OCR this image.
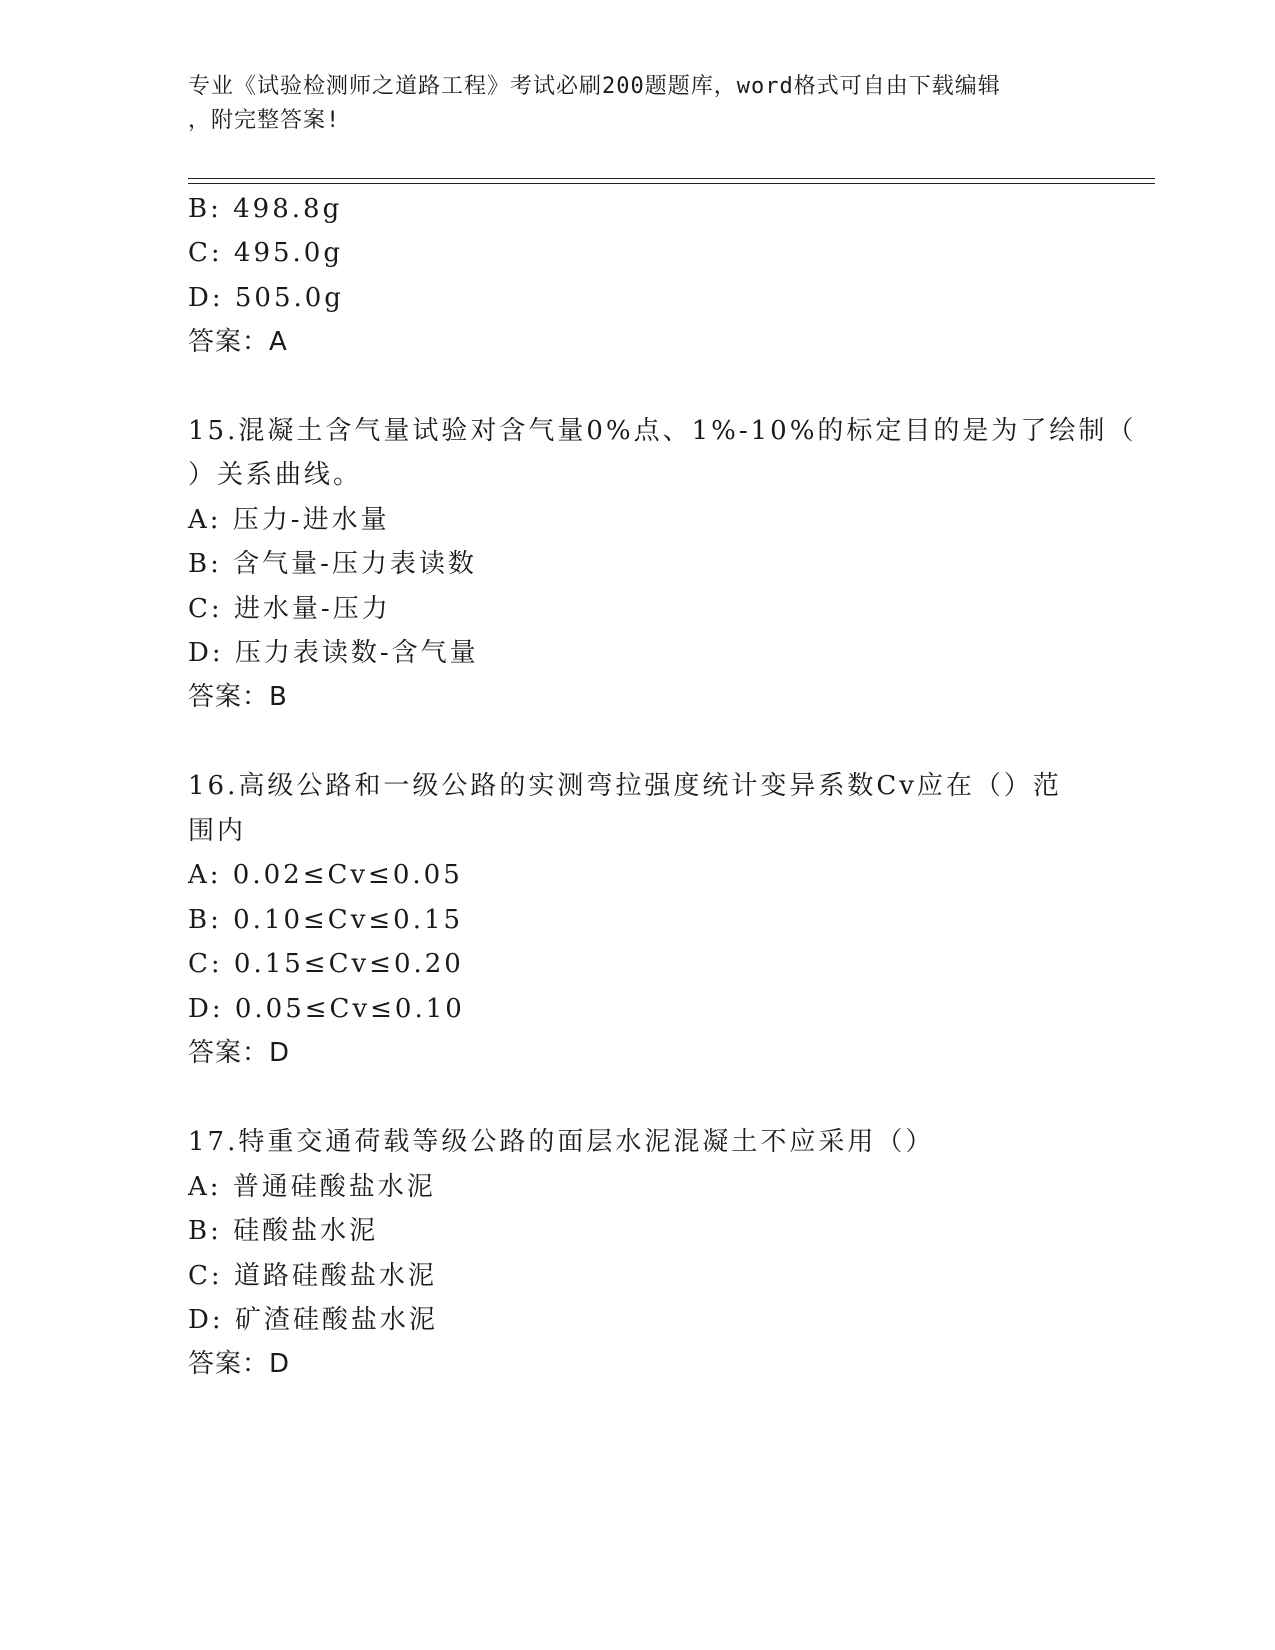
专业《试验检测师之道路工程》考试必刷200题题库，word格式可自由下载编辑
，附完整答案!
B: 498.8g
C: 495.0g
D: 505.0g
答案：A
15.混凝土含气量试验对含气量0%点、1%-10%的标定目的是为了绘制（
）关系曲线。
A: 压力-进水量
B: 含气量-压力表读数
C: 进水量-压力
D: 压力表读数-含气量
答案：B
16.高级公路和一级公路的实测弯拉强度统计变异系数Cv应在（）范
围内
A: 0.02≤Cv≤0.05
B: 0.10≤Cv≤0.15
C: 0.15≤Cv≤0.20
D: 0.05≤Cv≤0.10
答案：D
17.特重交通荷载等级公路的面层水泥混凝土不应采用（）
A: 普通硅酸盐水泥
B: 硅酸盐水泥
C: 道路硅酸盐水泥
D: 矿渣硅酸盐水泥
答案：D
